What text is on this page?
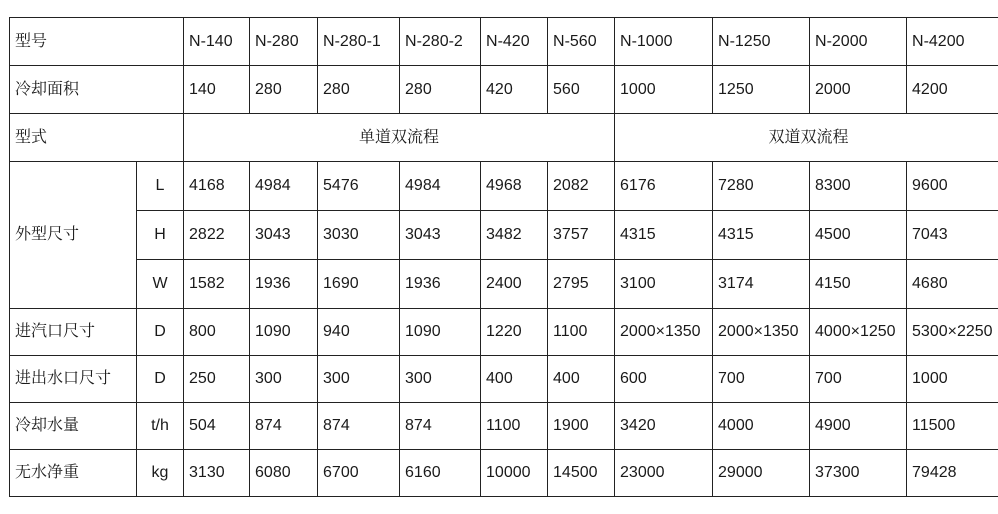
型号		N-140	N-280	N-280-1	N-280-2	N-420	N-560	N-1000	N-1250	N-2000	N-4200
冷却面积		140	280	280	280	420	560	1000	1250	2000	4200
型式		单道双流程						双道双流程			
外型尺寸	L	4168	4984	5476	4984	4968	2082	6176	7280	8300	9600
	H	2822	3043	3030	3043	3482	3757	4315	4315	4500	7043
	W	1582	1936	1690	1936	2400	2795	3100	3174	4150	4680
进汽口尺寸	D	800	1090	940	1090	1220	1100	2000×1350	2000×1350	4000×1250	5300×2250
进出水口尺寸	D	250	300	300	300	400	400	600	700	700	1000
冷却水量	t/h	504	874	874	874	1100	1900	3420	4000	4900	11500
无水净重	kg	3130	6080	6700	6160	10000	14500	23000	29000	37300	79428
